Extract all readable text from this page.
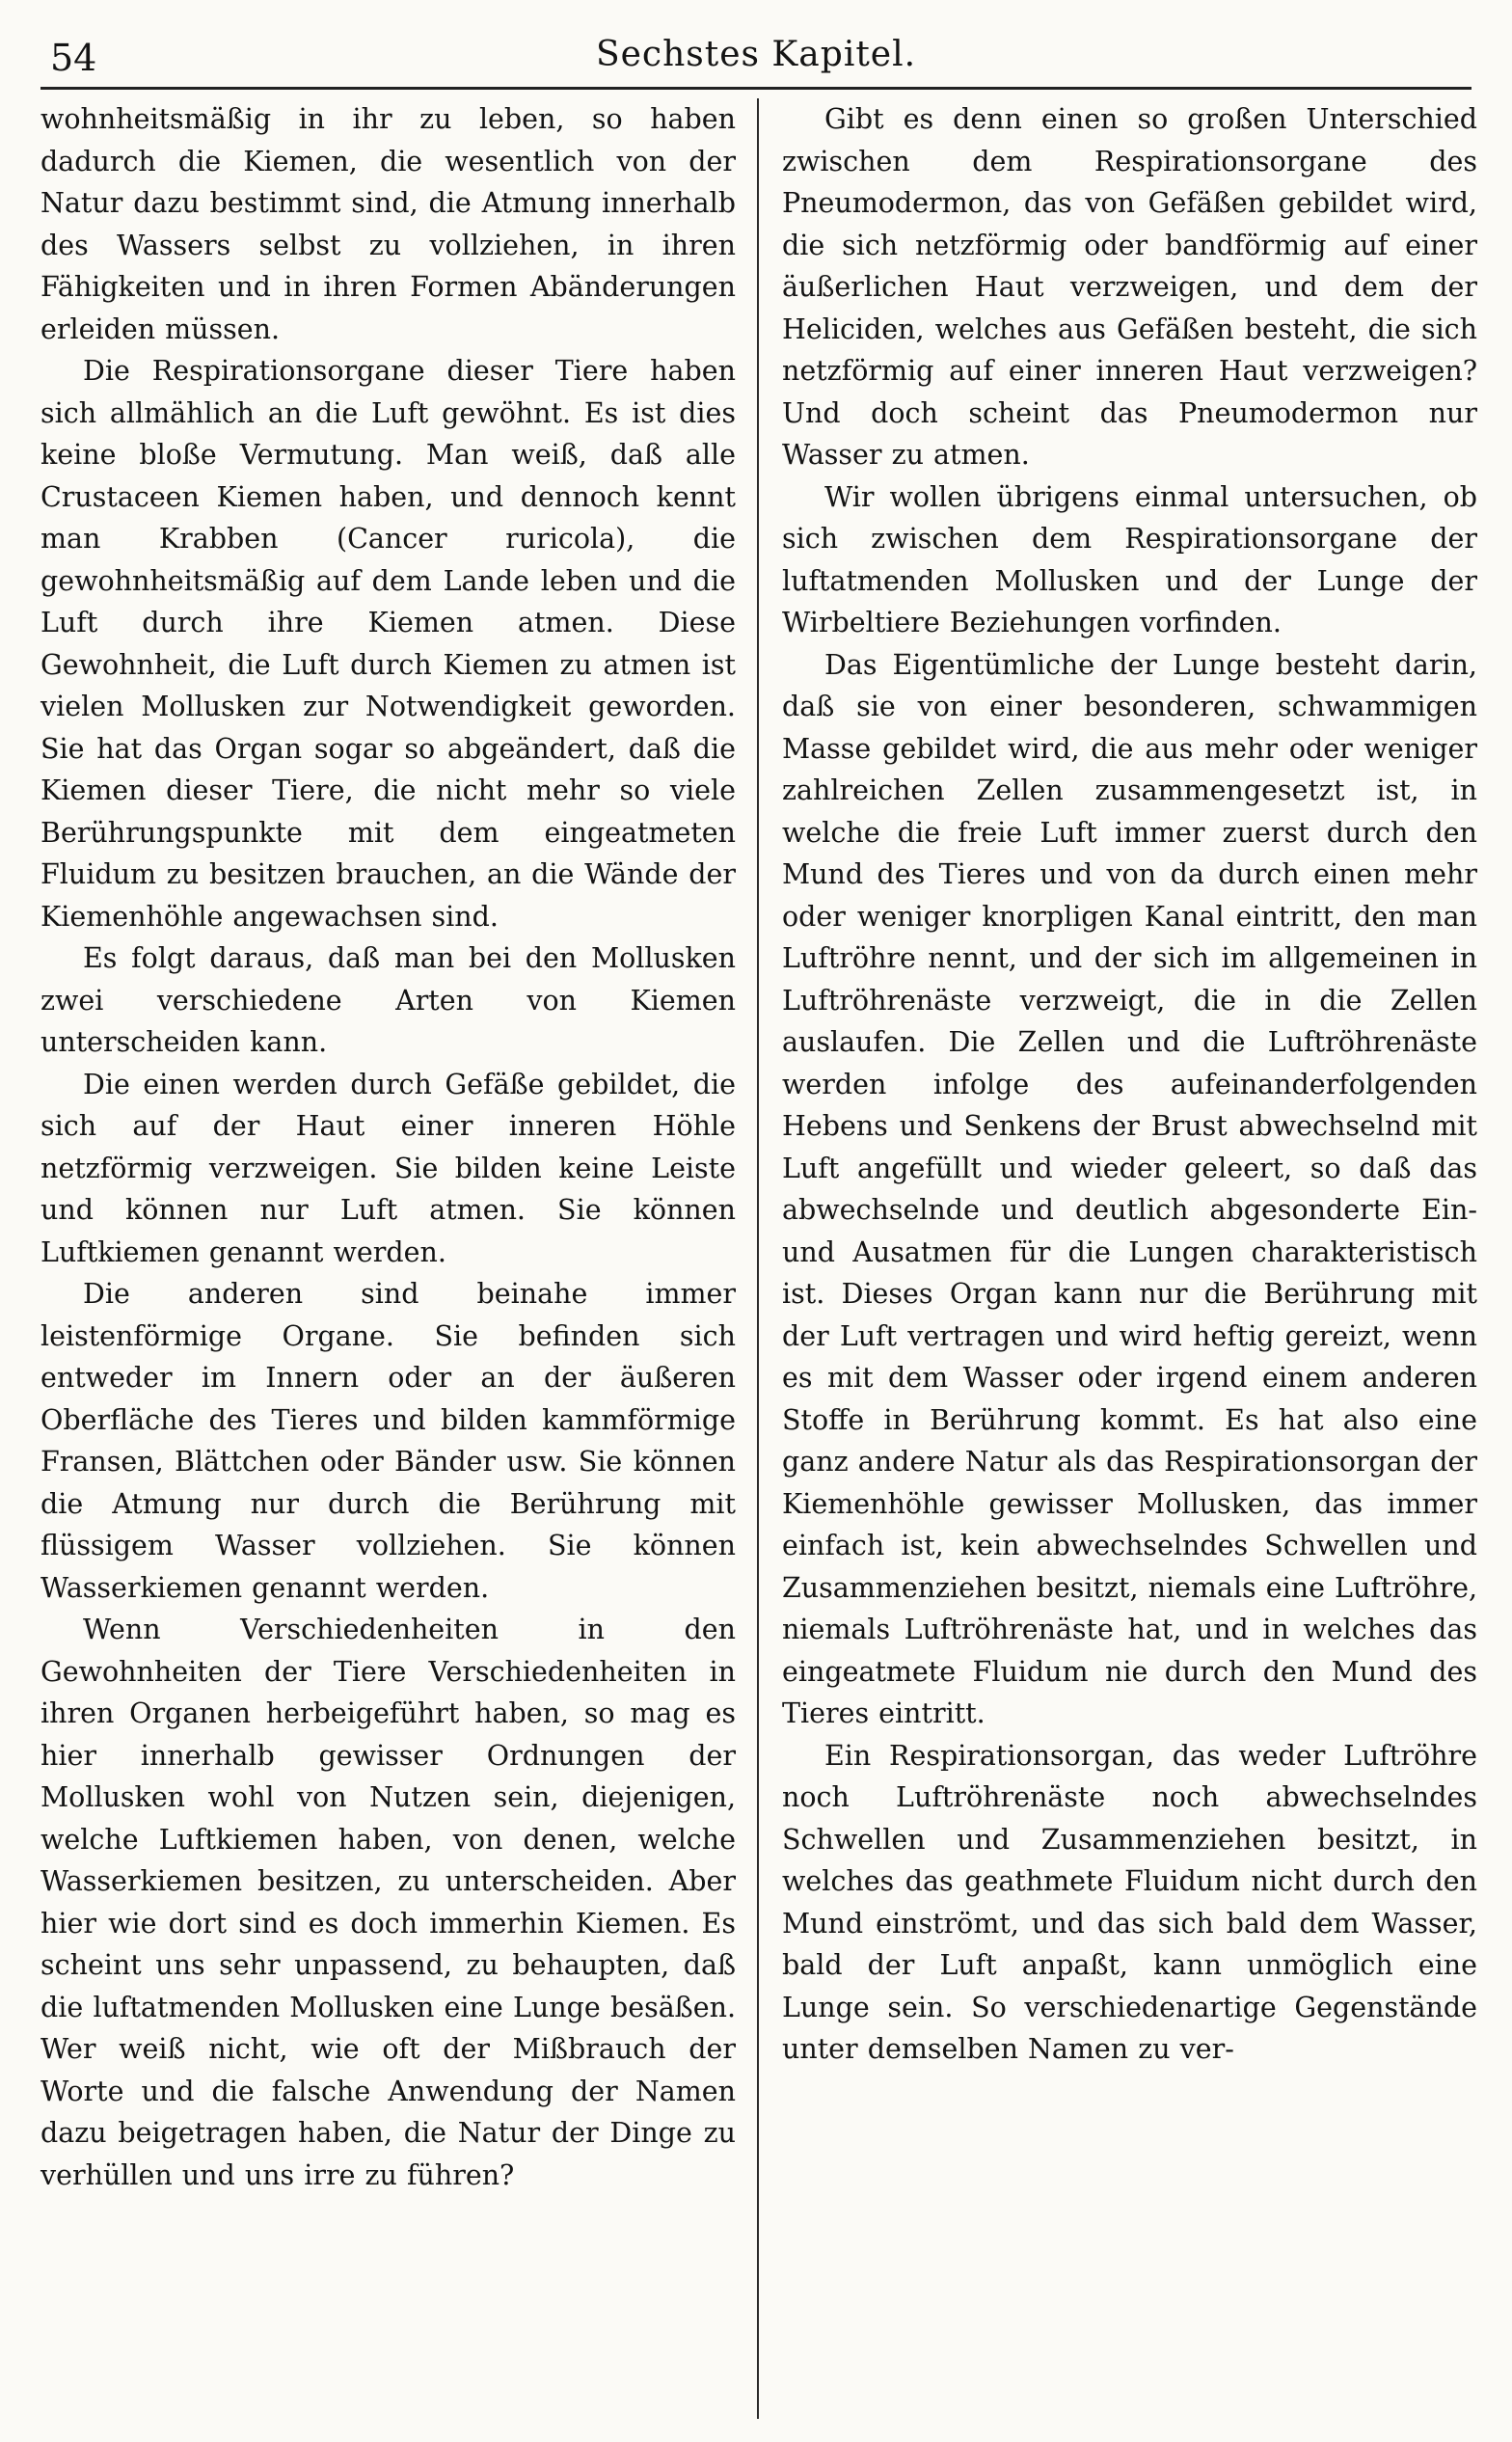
54	Sechstes Kapitel.

wohnheitsmäßig in ihr zu leben, so haben dadurch die Kiemen, die wesentlich von der Natur dazu bestimmt sind, die Atmung innerhalb des Wassers selbst zu vollziehen, in ihren Fähigkeiten und in ihren Formen Abänderungen erleiden müssen.

Die Respirationsorgane dieser Tiere haben sich allmählich an die Luft gewöhnt. Es ist dies keine bloße Vermutung. Man weiß, daß alle Crustaceen Kiemen haben, und dennoch kennt man Krabben (Cancer ruricola), die gewohnheitsmäßig auf dem Lande leben und die Luft durch ihre Kiemen atmen. Diese Gewohnheit, die Luft durch Kiemen zu atmen ist vielen Mollusken zur Notwendigkeit geworden. Sie hat das Organ sogar so abgeändert, daß die Kiemen dieser Tiere, die nicht mehr so viele Berührungspunkte mit dem eingeatmeten Fluidum zu besitzen brauchen, an die Wände der Kiemenhöhle angewachsen sind.

Es folgt daraus, daß man bei den Mollusken zwei verschiedene Arten von Kiemen unterscheiden kann.

Die einen werden durch Gefäße gebildet, die sich auf der Haut einer inneren Höhle netzförmig verzweigen. Sie bilden keine Leiste und können nur Luft atmen. Sie können Luftkiemen genannt werden.

Die anderen sind beinahe immer leistenförmige Organe. Sie befinden sich entweder im Innern oder an der äußeren Oberfläche des Tieres und bilden kammförmige Fransen, Blättchen oder Bänder usw. Sie können die Atmung nur durch die Berührung mit flüssigem Wasser vollziehen. Sie können Wasserkiemen genannt werden.

Wenn Verschiedenheiten in den Gewohnheiten der Tiere Verschiedenheiten in ihren Organen herbeigeführt haben, so mag es hier innerhalb gewisser Ordnungen der Mollusken wohl von Nutzen sein, diejenigen, welche Luftkiemen haben, von denen, welche Wasserkiemen besitzen, zu unterscheiden. Aber hier wie dort sind es doch immerhin Kiemen. Es scheint uns sehr unpassend, zu behaupten, daß die luftatmenden Mollusken eine Lunge besäßen. Wer weiß nicht, wie oft der Mißbrauch der Worte und die falsche Anwendung der Namen dazu beigetragen haben, die Natur der Dinge zu verhüllen und uns irre zu führen?

Gibt es denn einen so großen Unterschied zwischen dem Respirationsorgane des Pneumodermon, das von Gefäßen gebildet wird, die sich netzförmig oder bandförmig auf einer äußerlichen Haut verzweigen, und dem der Heliciden, welches aus Gefäßen besteht, die sich netzförmig auf einer inneren Haut verzweigen? Und doch scheint das Pneumodermon nur Wasser zu atmen.

Wir wollen übrigens einmal untersuchen, ob sich zwischen dem Respirationsorgane der luftatmenden Mollusken und der Lunge der Wirbeltiere Beziehungen vorfinden.

Das Eigentümliche der Lunge besteht darin, daß sie von einer besonderen, schwammigen Masse gebildet wird, die aus mehr oder weniger zahlreichen Zellen zusammengesetzt ist, in welche die freie Luft immer zuerst durch den Mund des Tieres und von da durch einen mehr oder weniger knorpligen Kanal eintritt, den man Luftröhre nennt, und der sich im allgemeinen in Luftröhrenäste verzweigt, die in die Zellen auslaufen. Die Zellen und die Luftröhrenäste werden infolge des aufeinanderfolgenden Hebens und Senkens der Brust abwechselnd mit Luft angefüllt und wieder geleert, so daß das abwechselnde und deutlich abgesonderte Ein- und Ausatmen für die Lungen charakteristisch ist. Dieses Organ kann nur die Berührung mit der Luft vertragen und wird heftig gereizt, wenn es mit dem Wasser oder irgend einem anderen Stoffe in Berührung kommt. Es hat also eine ganz andere Natur als das Respirationsorgan der Kiemenhöhle gewisser Mollusken, das immer einfach ist, kein abwechselndes Schwellen und Zusammenziehen besitzt, niemals eine Luftröhre, niemals Luftröhrenäste hat, und in welches das eingeatmete Fluidum nie durch den Mund des Tieres eintritt.

Ein Respirationsorgan, das weder Luftröhre noch Luftröhrenäste noch abwechselndes Schwellen und Zusammenziehen besitzt, in welches das geathmete Fluidum nicht durch den Mund einströmt, und das sich bald dem Wasser, bald der Luft anpaßt, kann unmöglich eine Lunge sein. So verschiedenartige Gegenstände unter demselben Namen zu ver-
